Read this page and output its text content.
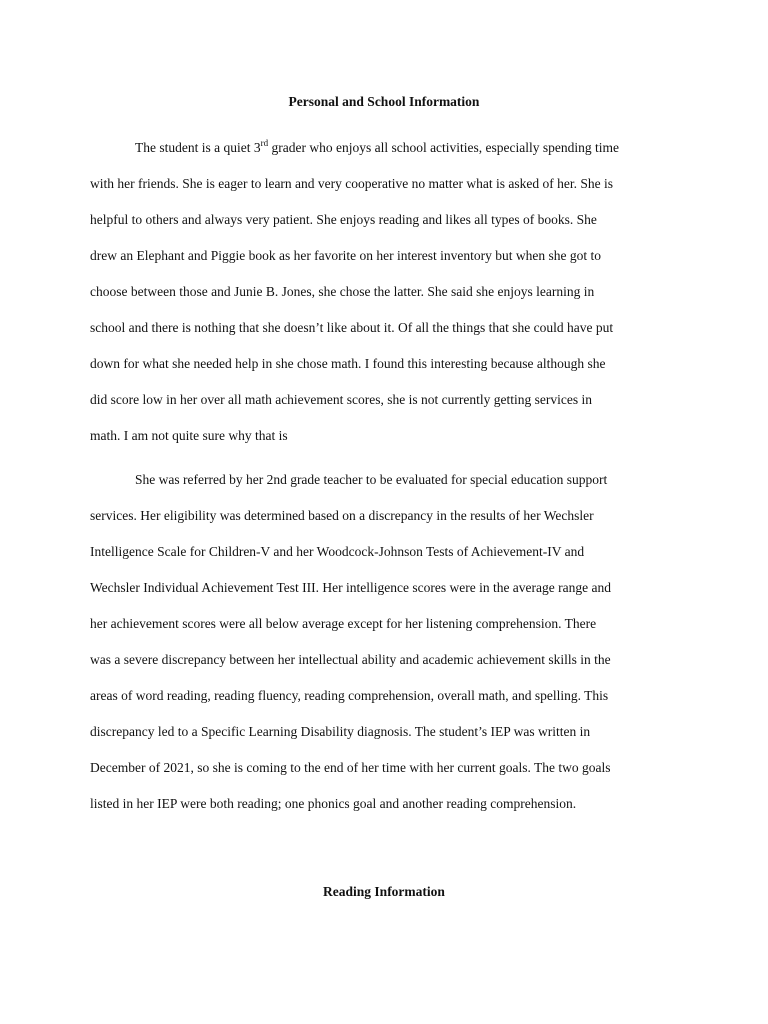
Personal and School Information
The student is a quiet 3rd grader who enjoys all school activities, especially spending time
with her friends. She is eager to learn and very cooperative no matter what is asked of her. She is
helpful to others and always very patient. She enjoys reading and likes all types of books. She
drew an Elephant and Piggie book as her favorite on her interest inventory but when she got to
choose between those and Junie B. Jones, she chose the latter. She said she enjoys learning in
school and there is nothing that she doesn’t like about it. Of all the things that she could have put
down for what she needed help in she chose math. I found this interesting because although she
did score low in her over all math achievement scores, she is not currently getting services in
math. I am not quite sure why that is
She was referred by her 2nd grade teacher to be evaluated for special education support
services. Her eligibility was determined based on a discrepancy in the results of her Wechsler
Intelligence Scale for Children-V and her Woodcock-Johnson Tests of Achievement-IV and
Wechsler Individual Achievement Test III. Her intelligence scores were in the average range and
her achievement scores were all below average except for her listening comprehension. There
was a severe discrepancy between her intellectual ability and academic achievement skills in the
areas of word reading, reading fluency, reading comprehension, overall math, and spelling. This
discrepancy led to a Specific Learning Disability diagnosis. The student’s IEP was written in
December of 2021, so she is coming to the end of her time with her current goals. The two goals
listed in her IEP were both reading; one phonics goal and another reading comprehension.
Reading Information
